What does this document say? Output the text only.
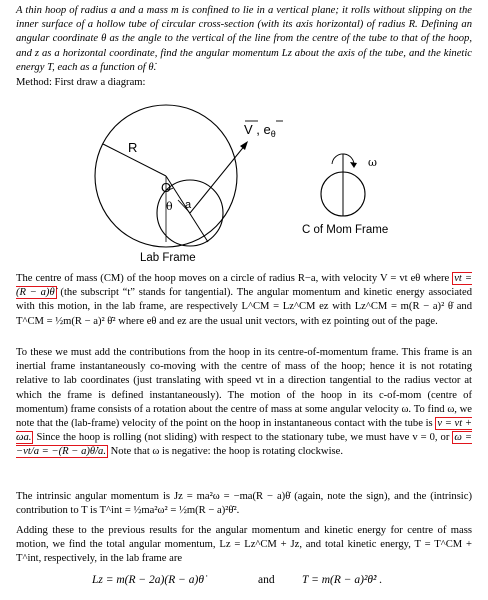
A thin hoop of radius a and a mass m is confined to lie in a vertical plane; it rolls without slipping on the inner surface of a hollow tube of circular cross-section (with its axis horizontal) of radius R. Defining an angular coordinate θ as the angle to the vertical of the line from the centre of the tube to that of the hoop, and z as a horizontal coordinate, find the angular momentum Lz about the axis of the tube, and the kinetic energy T, each as a function of θ̇.

Method: First draw a diagram:

R
O
θ a
V , $e_\theta$
ω
Lab Frame
C of Mom Frame

The centre of mass (CM) of the hoop moves on a circle of radius R−a, with velocity V = vt eθ where vt = (R − a)θ̇ (the subscript “t” stands for tangential). The angular momentum and kinetic energy associated with this motion, in the lab frame, are respectively L^CM = Lz^CM ez with Lz^CM = m(R − a)² θ̇ and T^CM = ½m(R − a)² θ̇² where eθ and ez are the usual unit vectors, with ez pointing out of the page.

To these we must add the contributions from the hoop in its centre-of-momentum frame. This frame is an inertial frame instantaneously co-moving with the centre of mass of the hoop; hence it is not rotating relative to lab coordinates (just translating with speed vt in a direction tangential to the radius vector at which the frame is defined instantaneously). The motion of the hoop in its c-of-mom (centre of momentum) frame consists of a rotation about the centre of mass at some angular velocity ω. To find ω, we note that the (lab-frame) velocity of the point on the hoop in instantaneous contact with the tube is v = vt + ωa. Since the hoop is rolling (not sliding) with respect to the stationary tube, we must have v = 0, or ω = −vt/a = −(R − a)θ̇/a. Note that ω is negative: the hoop is rotating clockwise.

The intrinsic angular momentum is Jz = ma²ω = −ma(R − a)θ̇ (again, note the sign), and the (intrinsic) contribution to T is T^int = ½ma²ω² = ½m(R − a)²θ̇².

Adding these to the previous results for the angular momentum and kinetic energy for centre of mass motion, we find the total angular momentum, Lz = Lz^CM + Jz, and total kinetic energy, T = T^CM + T^int, respectively, in the lab frame are

Lz = m(R − 2a)(R − a)θ̇	and T = m(R − a)²θ̇² .
